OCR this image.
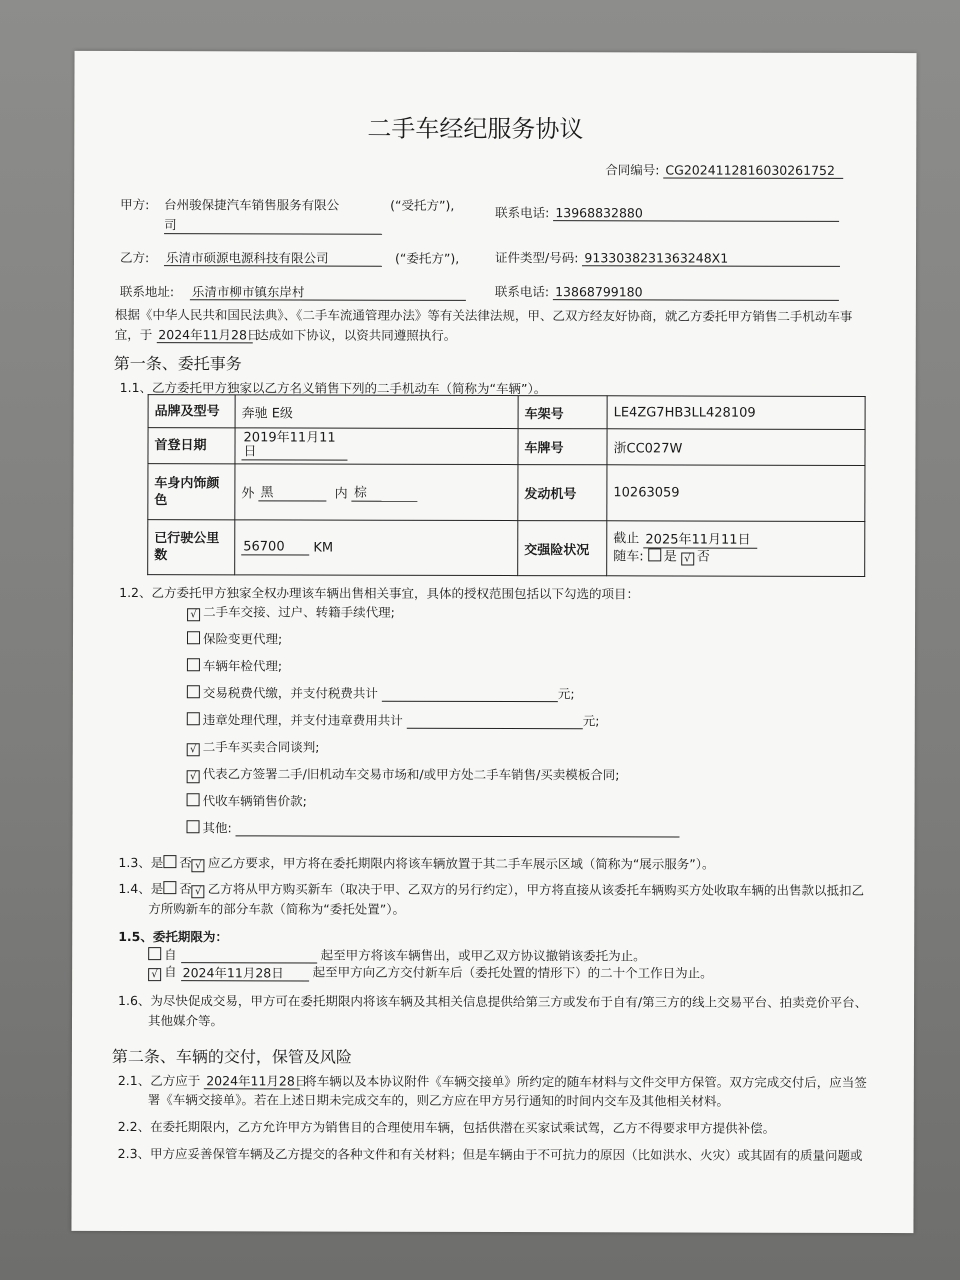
二手车经纪服务协议
合同编号: CG2024112816030261752
甲方: 台州骏保捷汽车销售服务有限公
司
(“受托方”),	联系电话: 13968832880
乙方: 乐清市硕源电源科技有限公司	(“委托方”),	证件类型/号码: 9133038231363248X1
联系地址: 乐清市柳市镇东岸村	联系电话: 13868799180
根据《中华人民共和国民法典》、《二手车流通管理办法》等有关法律法规，甲、乙双方经友好协商，就乙方委托甲方销售二手机动车事
宜，于 2024年11月28日 达成如下协议，以资共同遵照执行。
第一条、委托事务
1.1、乙方委托甲方独家以乙方名义销售下列的二手机动车（简称为“车辆”）。
品牌及型号	奔驰 E级	车架号	LE4ZG7HB3LL428109
首登日期	2019年11月11日	车牌号	浙CC027W
车身内饰颜
色	外 黑 内 棕	发动机号	10263059
已行驶公里
数	56700 KM	交强险状况	截止 2025年11月11日
随车: 是 √ 否
1.2、乙方委托甲方独家全权办理该车辆出售相关事宜，具体的授权范围包括以下勾选的项目：
√ 二手车交接、过户、转籍手续代理;
保险变更代理;
车辆年检代理;
交易税费代缴，并支付税费共计	元;
违章处理代理，并支付违章费用共计	元;
√ 二手车买卖合同谈判;
√ 代表乙方签署二手/旧机动车交易市场和/或甲方处二手车销售/买卖模板合同;
代收车辆销售价款;
其他:
1.3、是 否 √ 应乙方要求，甲方将在委托期限内将该车辆放置于其二手车展示区域（简称为“展示服务”）。
1.4、是 否 √ 乙方将从甲方购买新车（取决于甲、乙双方的另行约定），甲方将直接从该委托车辆购买方处收取车辆的出售款以抵扣乙
方所购新车的部分车款（简称为“委托处置”）。
1.5、委托期限为：
自	起至甲方将该车辆售出，或甲乙双方协议撤销该委托为止。
√ 自 2024年11月28日 起至甲方向乙方交付新车后（委托处置的情形下）的二十个工作日为止。
1.6、为尽快促成交易，甲方可在委托期限内将该车辆及其相关信息提供给第三方或发布于自有/第三方的线上交易平台、拍卖竞价平台、
其他媒介等。
第二条、车辆的交付，保管及风险
2.1、乙方应于 2024年11月28日 将车辆以及本协议附件《车辆交接单》所约定的随车材料与文件交甲方保管。双方完成交付后，应当签
署《车辆交接单》。若在上述日期未完成交车的，则乙方应在甲方另行通知的时间内交车及其他相关材料。
2.2、在委托期限内，乙方允许甲方为销售目的合理使用车辆，包括供潜在买家试乘试驾，乙方不得要求甲方提供补偿。
2.3、甲方应妥善保管车辆及乙方提交的各种文件和有关材料；但是车辆由于不可抗力的原因（比如洪水、火灾）或其固有的质量问题或
